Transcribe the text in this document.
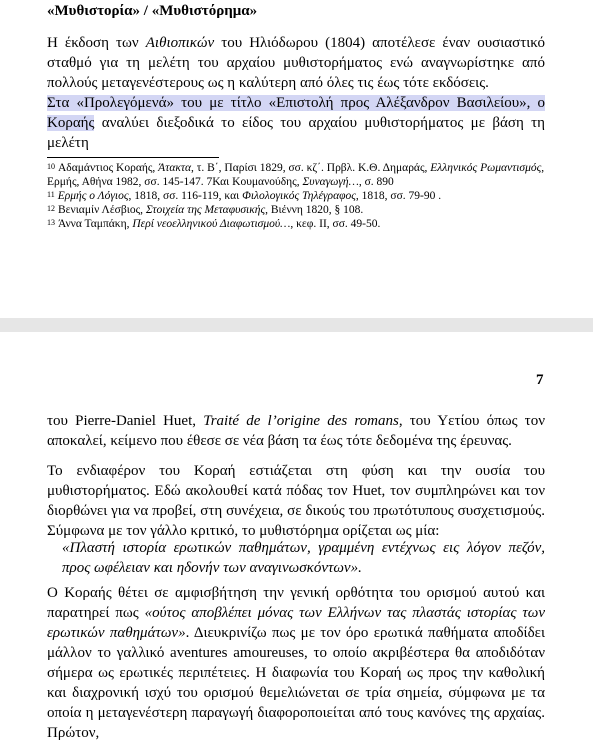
«Μυθιστορία» / «Μυθιστόρημα»

Η έκδοση των Αιθιοπικών του Ηλιόδωρου (1804) αποτέλεσε έναν ουσιαστικό σταθμό για τη μελέτη του αρχαίου μυθιστορήματος ενώ αναγνωρίστηκε από πολλούς μεταγενέστερους ως η καλύτερη από όλες τις έως τότε εκδόσεις.

Στα «Προλεγόμενά» του με τίτλο «Επιστολή προς Αλέξανδρον Βασιλείου», ο Κοραής αναλύει διεξοδικά το είδος του αρχαίου μυθιστορήματος με βάση τη μελέτη

$^{10}$ Αδαμάντιος Κοραής, Άτακτα, τ. Β΄, Παρίσι 1829, σσ. κζ΄. Πρβλ. Κ.Θ. Δημαράς, Ελληνικός Ρωμαντισμός, Ερμής, Αθήνα 1982, σσ. 145-147. 7Και Κουμανούδης, Συναγωγή…, σ. 890
$^{11}$ Ερμής ο Λόγιος, 1818, σσ. 116-119, και Φιλολογικός Τηλέγραφος, 1818, σσ. 79-90 .
$^{12}$ Βενιαμίν Λέσβιος, Στοιχεία της Μεταφυσικής, Βιέννη 1820, § 108.
$^{13}$ Άννα Ταμπάκη, Περί νεοελληνικού Διαφωτισμού…, κεφ. ΙΙ, σσ. 49-50.
7

του Pierre-Daniel Huet, Traité de l’origine des romans, του Υετίου όπως τον αποκαλεί, κείμενο που έθεσε σε νέα βάση τα έως τότε δεδομένα της έρευνας.

Το ενδιαφέρον του Κοραή εστιάζεται στη φύση και την ουσία του μυθιστορήματος. Εδώ ακολουθεί κατά πόδας τον Huet, τον συμπληρώνει και τον διορθώνει για να προβεί, στη συνέχεια, σε δικούς του πρωτότυπους συσχετισμούς. Σύμφωνα με τον γάλλο κριτικό, το μυθιστόρημα ορίζεται ως μία:

«Πλαστή ιστορία ερωτικών παθημάτων, γραμμένη εντέχνως εις λόγον πεζόν, προς ωφέλειαν και ηδονήν των αναγινωσκόντων».

Ο Κοραής θέτει σε αμφισβήτηση την γενική ορθότητα του ορισμού αυτού και παρατηρεί πως «ούτος αποβλέπει μόνας των Ελλήνων τας πλαστάς ιστορίας των ερωτικών παθημάτων». Διευκρινίζω πως με τον όρο ερωτικά παθήματα αποδίδει μάλλον το γαλλικό aventures amoureuses, το οποίο ακριβέστερα θα αποδιδόταν σήμερα ως ερωτικές περιπέτειες. Η διαφωνία του Κοραή ως προς την καθολική και διαχρονική ισχύ του ορισμού θεμελιώνεται σε τρία σημεία, σύμφωνα με τα οποία η μεταγενέστερη παραγωγή διαφοροποιείται από τους κανόνες της αρχαίας. Πρώτον,
